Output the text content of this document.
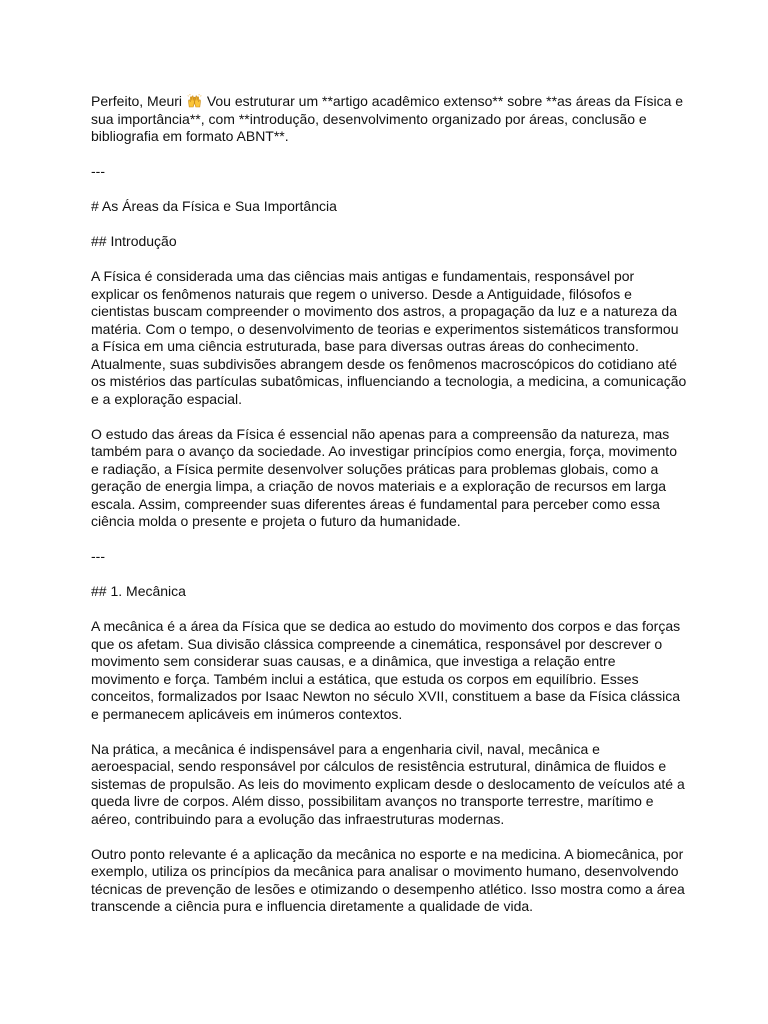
Perfeito, Meuri Vou estruturar um **artigo acadêmico extenso** sobre **as áreas da Física e
sua importância**, com **introdução, desenvolvimento organizado por áreas, conclusão e
bibliografia em formato ABNT**.
---
# As Áreas da Física e Sua Importância
## Introdução
A Física é considerada uma das ciências mais antigas e fundamentais, responsável por
explicar os fenômenos naturais que regem o universo. Desde a Antiguidade, filósofos e
cientistas buscam compreender o movimento dos astros, a propagação da luz e a natureza da
matéria. Com o tempo, o desenvolvimento de teorias e experimentos sistemáticos transformou
a Física em uma ciência estruturada, base para diversas outras áreas do conhecimento.
Atualmente, suas subdivisões abrangem desde os fenômenos macroscópicos do cotidiano até
os mistérios das partículas subatômicas, influenciando a tecnologia, a medicina, a comunicação
e a exploração espacial.
O estudo das áreas da Física é essencial não apenas para a compreensão da natureza, mas
também para o avanço da sociedade. Ao investigar princípios como energia, força, movimento
e radiação, a Física permite desenvolver soluções práticas para problemas globais, como a
geração de energia limpa, a criação de novos materiais e a exploração de recursos em larga
escala. Assim, compreender suas diferentes áreas é fundamental para perceber como essa
ciência molda o presente e projeta o futuro da humanidade.
---
## 1. Mecânica
A mecânica é a área da Física que se dedica ao estudo do movimento dos corpos e das forças
que os afetam. Sua divisão clássica compreende a cinemática, responsável por descrever o
movimento sem considerar suas causas, e a dinâmica, que investiga a relação entre
movimento e força. Também inclui a estática, que estuda os corpos em equilíbrio. Esses
conceitos, formalizados por Isaac Newton no século XVII, constituem a base da Física clássica
e permanecem aplicáveis em inúmeros contextos.
Na prática, a mecânica é indispensável para a engenharia civil, naval, mecânica e
aeroespacial, sendo responsável por cálculos de resistência estrutural, dinâmica de fluidos e
sistemas de propulsão. As leis do movimento explicam desde o deslocamento de veículos até a
queda livre de corpos. Além disso, possibilitam avanços no transporte terrestre, marítimo e
aéreo, contribuindo para a evolução das infraestruturas modernas.
Outro ponto relevante é a aplicação da mecânica no esporte e na medicina. A biomecânica, por
exemplo, utiliza os princípios da mecânica para analisar o movimento humano, desenvolvendo
técnicas de prevenção de lesões e otimizando o desempenho atlético. Isso mostra como a área
transcende a ciência pura e influencia diretamente a qualidade de vida.
